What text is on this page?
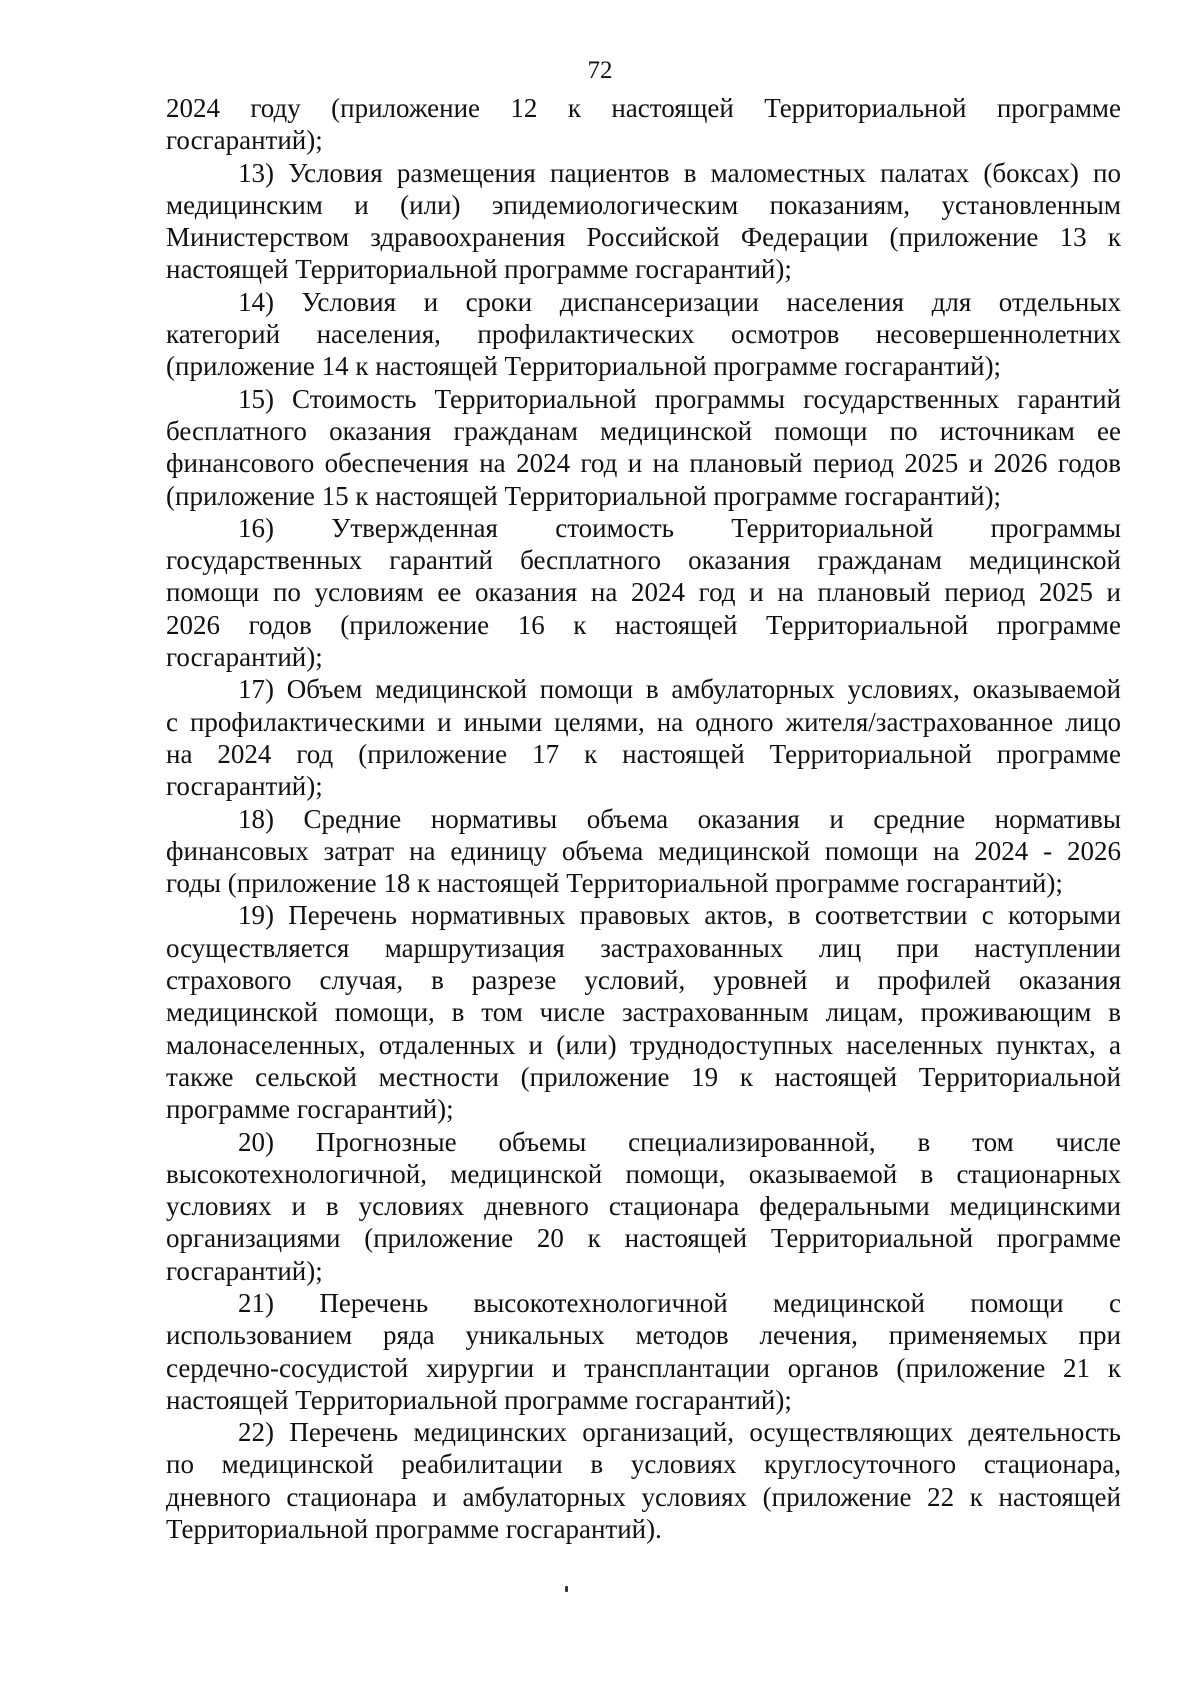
72
2024 году (приложение 12 к настоящей Территориальной программе
госгарантий);
13) Условия размещения пациентов в маломестных палатах (боксах) по
медицинским и (или) эпидемиологическим показаниям, установленным
Министерством здравоохранения Российской Федерации (приложение 13 к
настоящей Территориальной программе госгарантий);
14) Условия и сроки диспансеризации населения для отдельных
категорий населения, профилактических осмотров несовершеннолетних
(приложение 14 к настоящей Территориальной программе госгарантий);
15) Стоимость Территориальной программы государственных гарантий
бесплатного оказания гражданам медицинской помощи по источникам ее
финансового обеспечения на 2024 год и на плановый период 2025 и 2026 годов
(приложение 15 к настоящей Территориальной программе госгарантий);
16) Утвержденная стоимость Территориальной программы
государственных гарантий бесплатного оказания гражданам медицинской
помощи по условиям ее оказания на 2024 год и на плановый период 2025 и
2026 годов (приложение 16 к настоящей Территориальной программе
госгарантий);
17) Объем медицинской помощи в амбулаторных условиях, оказываемой
с профилактическими и иными целями, на одного жителя/застрахованное лицо
на 2024 год (приложение 17 к настоящей Территориальной программе
госгарантий);
18) Средние нормативы объема оказания и средние нормативы
финансовых затрат на единицу объема медицинской помощи на 2024 - 2026
годы (приложение 18 к настоящей Территориальной программе госгарантий);
19) Перечень нормативных правовых актов, в соответствии с которыми
осуществляется маршрутизация застрахованных лиц при наступлении
страхового случая, в разрезе условий, уровней и профилей оказания
медицинской помощи, в том числе застрахованным лицам, проживающим в
малонаселенных, отдаленных и (или) труднодоступных населенных пунктах, а
также сельской местности (приложение 19 к настоящей Территориальной
программе госгарантий);
20) Прогнозные объемы специализированной, в том числе
высокотехнологичной, медицинской помощи, оказываемой в стационарных
условиях и в условиях дневного стационара федеральными медицинскими
организациями (приложение 20 к настоящей Территориальной программе
госгарантий);
21) Перечень высокотехнологичной медицинской помощи с
использованием ряда уникальных методов лечения, применяемых при
сердечно-сосудистой хирургии и трансплантации органов (приложение 21 к
настоящей Территориальной программе госгарантий);
22) Перечень медицинских организаций, осуществляющих деятельность
по медицинской реабилитации в условиях круглосуточного стационара,
дневного стационара и амбулаторных условиях (приложение 22 к настоящей
Территориальной программе госгарантий).
